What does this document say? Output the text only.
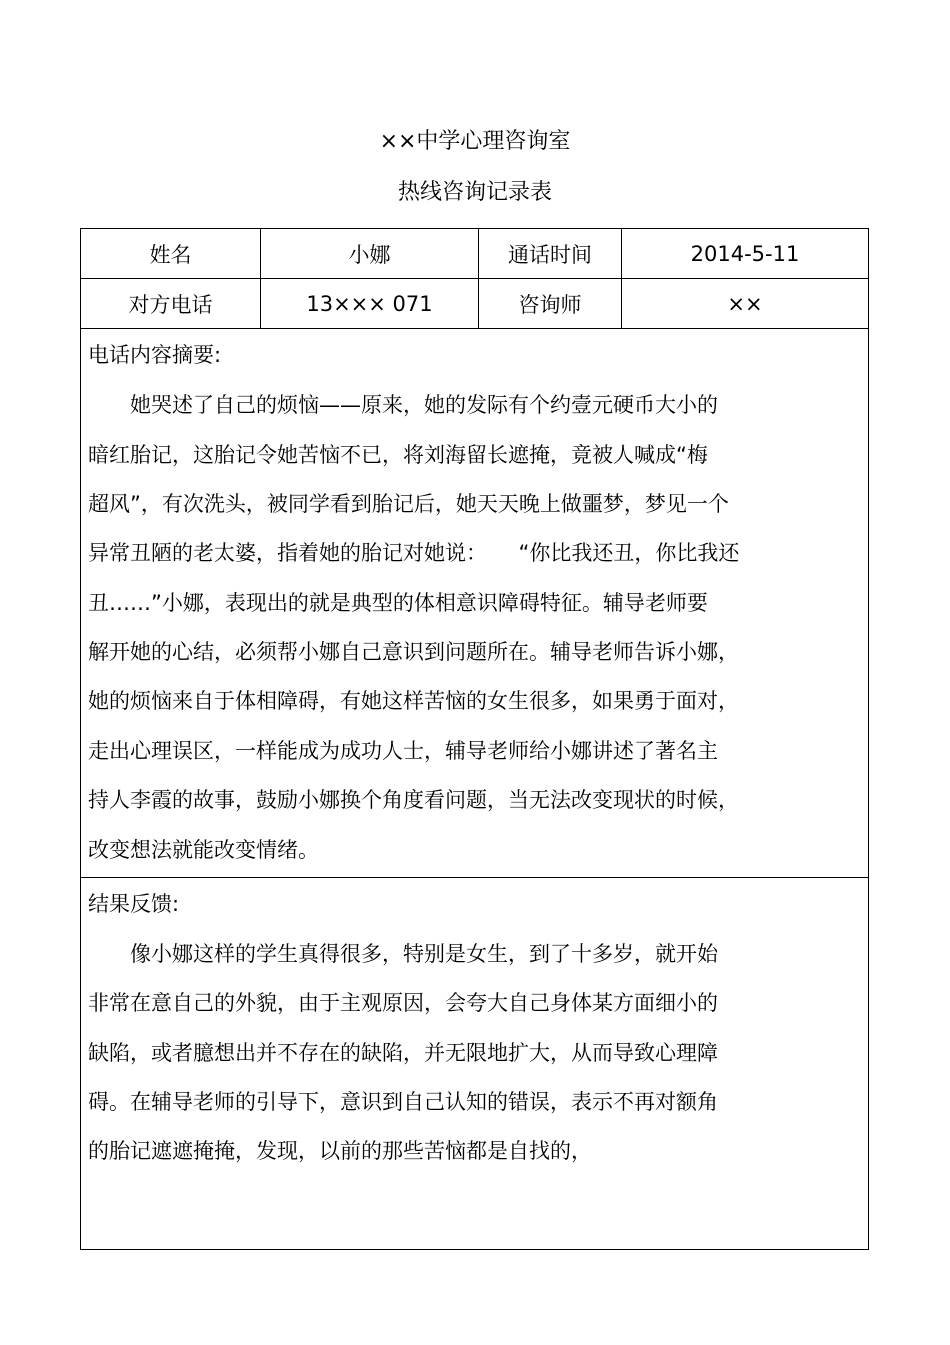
××中学心理咨询室
热线咨询记录表
姓名	小娜	通话时间	2014-5-11
对方电话	13××× 071	咨询师	××
电话内容摘要:
　　她哭述了自己的烦恼——原来，她的发际有个约壹元硬币大小的
暗红胎记，这胎记令她苦恼不已，将刘海留长遮掩，竟被人喊成“梅
超风”，有次洗头，被同学看到胎记后，她天天晚上做噩梦，梦见一个
异常丑陋的老太婆，指着她的胎记对她说：　　“你比我还丑，你比我还
丑……”小娜，表现出的就是典型的体相意识障碍特征。辅导老师要
解开她的心结，必须帮小娜自己意识到问题所在。辅导老师告诉小娜，
她的烦恼来自于体相障碍，有她这样苦恼的女生很多，如果勇于面对，
走出心理误区，一样能成为成功人士，辅导老师给小娜讲述了著名主
持人李霞的故事，鼓励小娜换个角度看问题，当无法改变现状的时候，
改变想法就能改变情绪。
结果反馈:
　　像小娜这样的学生真得很多，特别是女生，到了十多岁，就开始
非常在意自己的外貌，由于主观原因，会夸大自己身体某方面细小的
缺陷，或者臆想出并不存在的缺陷，并无限地扩大，从而导致心理障
碍。在辅导老师的引导下，意识到自己认知的错误，表示不再对额角
的胎记遮遮掩掩，发现，以前的那些苦恼都是自找的，
